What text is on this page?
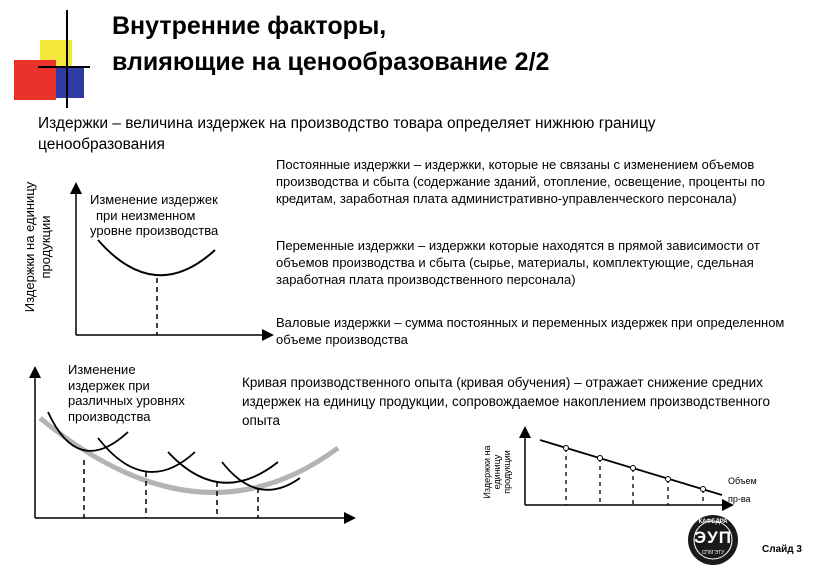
Внутренние факторы,
влияющие на ценообразование 2/2
Издержки – величина издержек на производство товара определяет нижнюю границу ценообразования
Издержки на единицу продукции
Изменение издержек
при неизменном
уровне производства
Постоянные издержки – издержки, которые не связаны с изменением объемов производства и сбыта (содержание зданий, отопление, освещение, проценты по кредитам, заработная плата административно-управленческого персонала)
Переменные издержки – издержки которые находятся в прямой зависимости от объемов производства и сбыта (сырье, материалы, комплектующие, сдельная заработная плата производственного персонала)
Валовые издержки – сумма постоянных и переменных издержек при определенном объеме производства
Изменение
издержек при
различных уровнях
производства
Кривая производственного опыта (кривая обучения) – отражает снижение средних издержек на единицу продукции, сопровождаемое накоплением производственного опыта
Издержки на единицу продукции	Объем
пр-ва
КАФЕДРА
ЭУП
СПбГЭТУ	Слайд 3
